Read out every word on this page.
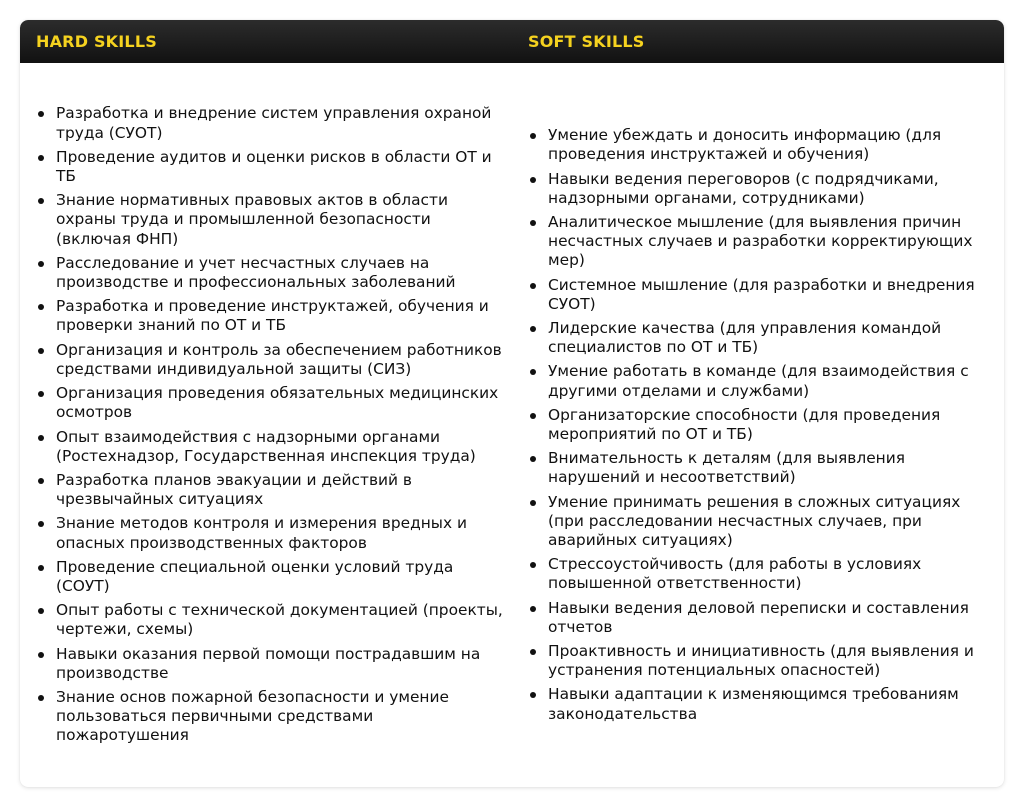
HARD SKILLS	SOFT SKILLS
Разработка и внедрение систем управления охраной труда (СУОТ)
Проведение аудитов и оценки рисков в области ОТ и ТБ
Знание нормативных правовых актов в области охраны труда и промышленной безопасности (включая ФНП)
Расследование и учет несчастных случаев на производстве и профессиональных заболеваний
Разработка и проведение инструктажей, обучения и проверки знаний по ОТ и ТБ
Организация и контроль за обеспечением работников средствами индивидуальной защиты (СИЗ)
Организация проведения обязательных медицинских осмотров
Опыт взаимодействия с надзорными органами (Ростехнадзор, Государственная инспекция труда)
Разработка планов эвакуации и действий в чрезвычайных ситуациях
Знание методов контроля и измерения вредных и опасных производственных факторов
Проведение специальной оценки условий труда (СОУТ)
Опыт работы с технической документацией (проекты, чертежи, схемы)
Навыки оказания первой помощи пострадавшим на производстве
Знание основ пожарной безопасности и умение пользоваться первичными средствами пожаротушения
Умение убеждать и доносить информацию (для проведения инструктажей и обучения)
Навыки ведения переговоров (с подрядчиками, надзорными органами, сотрудниками)
Аналитическое мышление (для выявления причин несчастных случаев и разработки корректирующих мер)
Системное мышление (для разработки и внедрения СУОТ)
Лидерские качества (для управления командой специалистов по ОТ и ТБ)
Умение работать в команде (для взаимодействия с другими отделами и службами)
Организаторские способности (для проведения мероприятий по ОТ и ТБ)
Внимательность к деталям (для выявления нарушений и несоответствий)
Умение принимать решения в сложных ситуациях (при расследовании несчастных случаев, при аварийных ситуациях)
Стрессоустойчивость (для работы в условиях повышенной ответственности)
Навыки ведения деловой переписки и составления отчетов
Проактивность и инициативность (для выявления и устранения потенциальных опасностей)
Навыки адаптации к изменяющимся требованиям законодательства
